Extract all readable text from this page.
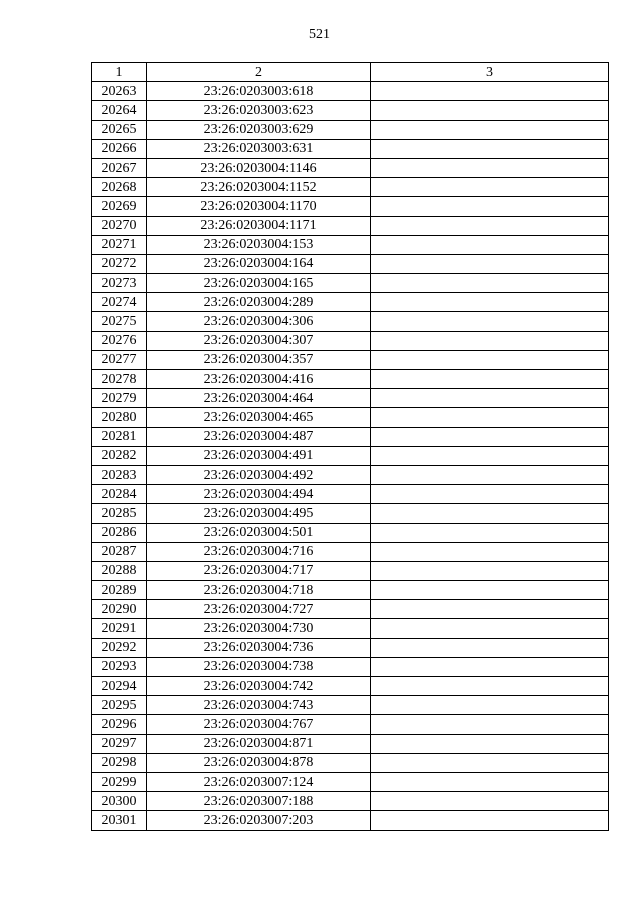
521
1	2	3
20263	23:26:0203003:618	
20264	23:26:0203003:623	
20265	23:26:0203003:629	
20266	23:26:0203003:631	
20267	23:26:0203004:1146	
20268	23:26:0203004:1152	
20269	23:26:0203004:1170	
20270	23:26:0203004:1171	
20271	23:26:0203004:153	
20272	23:26:0203004:164	
20273	23:26:0203004:165	
20274	23:26:0203004:289	
20275	23:26:0203004:306	
20276	23:26:0203004:307	
20277	23:26:0203004:357	
20278	23:26:0203004:416	
20279	23:26:0203004:464	
20280	23:26:0203004:465	
20281	23:26:0203004:487	
20282	23:26:0203004:491	
20283	23:26:0203004:492	
20284	23:26:0203004:494	
20285	23:26:0203004:495	
20286	23:26:0203004:501	
20287	23:26:0203004:716	
20288	23:26:0203004:717	
20289	23:26:0203004:718	
20290	23:26:0203004:727	
20291	23:26:0203004:730	
20292	23:26:0203004:736	
20293	23:26:0203004:738	
20294	23:26:0203004:742	
20295	23:26:0203004:743	
20296	23:26:0203004:767	
20297	23:26:0203004:871	
20298	23:26:0203004:878	
20299	23:26:0203007:124	
20300	23:26:0203007:188	
20301	23:26:0203007:203	
